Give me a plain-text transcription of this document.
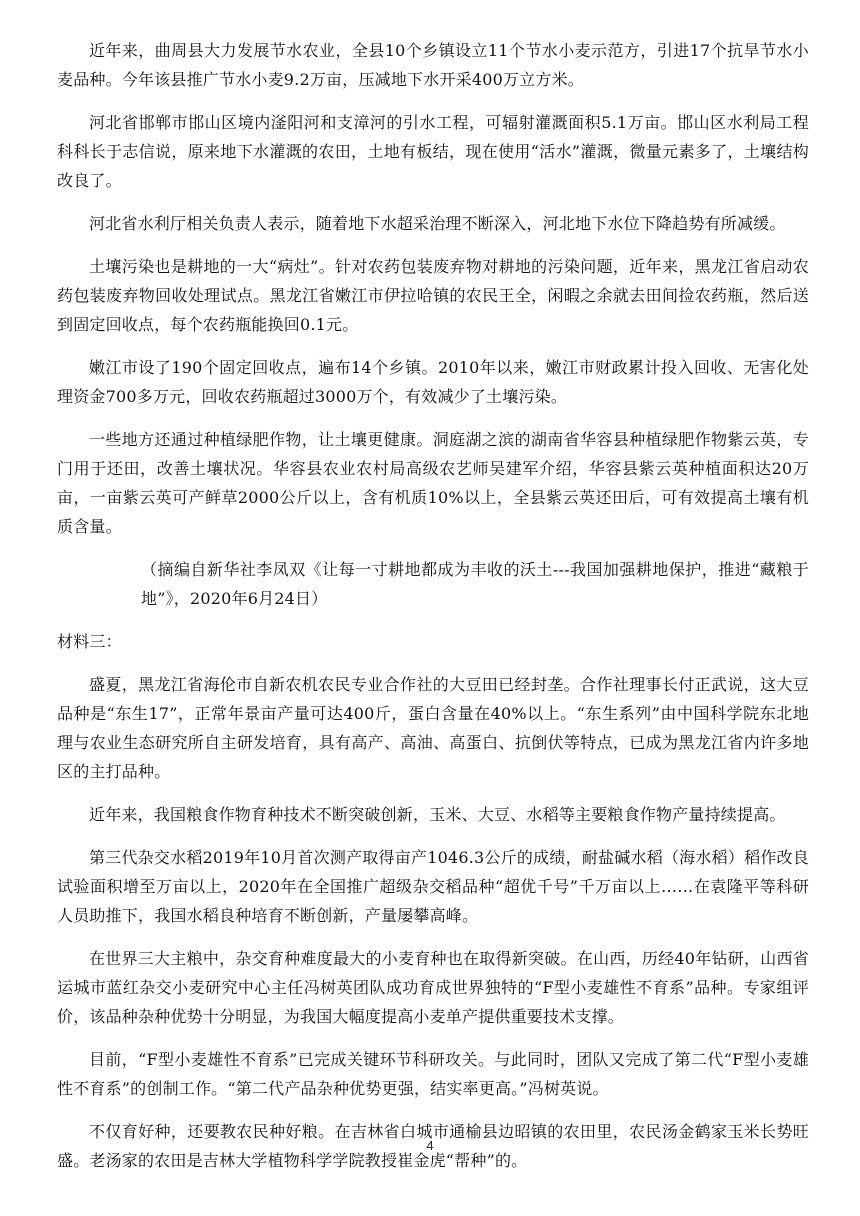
近年来，曲周县大力发展节水农业，全县10个乡镇设立11个节水小麦示范方，引进17个抗旱节水小麦品种。今年该县推广节水小麦9.2万亩，压减地下水开采400万立方米。

河北省邯郸市邯山区境内滏阳河和支漳河的引水工程，可辐射灌溉面积5.1万亩。邯山区水利局工程科科长于志信说，原来地下水灌溉的农田，土地有板结，现在使用“活水”灌溉，微量元素多了，土壤结构改良了。

河北省水利厅相关负责人表示，随着地下水超采治理不断深入，河北地下水位下降趋势有所减缓。

土壤污染也是耕地的一大“病灶”。针对农药包装废弃物对耕地的污染问题，近年来，黑龙江省启动农药包装废弃物回收处理试点。黑龙江省嫩江市伊拉哈镇的农民王全，闲暇之余就去田间捡农药瓶，然后送到固定回收点，每个农药瓶能换回0.1元。

嫩江市设了190个固定回收点，遍布14个乡镇。2010年以来，嫩江市财政累计投入回收、无害化处理资金700多万元，回收农药瓶超过3000万个，有效减少了土壤污染。

一些地方还通过种植绿肥作物，让土壤更健康。洞庭湖之滨的湖南省华容县种植绿肥作物紫云英，专门用于还田，改善土壤状况。华容县农业农村局高级农艺师吴建军介绍，华容县紫云英种植面积达20万亩，一亩紫云英可产鲜草2000公斤以上，含有机质10%以上，全县紫云英还田后，可有效提高土壤有机质含量。

（摘编自新华社李凤双《让每一寸耕地都成为丰收的沃土---我国加强耕地保护，推进“藏粮于地”》，2020年6月24日）

材料三：

盛夏，黑龙江省海伦市自新农机农民专业合作社的大豆田已经封垄。合作社理事长付正武说，这大豆品种是“东生17”，正常年景亩产量可达400斤，蛋白含量在40%以上。“东生系列”由中国科学院东北地理与农业生态研究所自主研发培育，具有高产、高油、高蛋白、抗倒伏等特点，已成为黑龙江省内许多地区的主打品种。

近年来，我国粮食作物育种技术不断突破创新，玉米、大豆、水稻等主要粮食作物产量持续提高。

第三代杂交水稻2019年10月首次测产取得亩产1046.3公斤的成绩，耐盐碱水稻（海水稻）稻作改良试验面积增至万亩以上，2020年在全国推广超级杂交稻品种“超优千号”千万亩以上……在袁隆平等科研人员助推下，我国水稻良种培育不断创新，产量屡攀高峰。

在世界三大主粮中，杂交育种难度最大的小麦育种也在取得新突破。在山西，历经40年钻研，山西省运城市蓝红杂交小麦研究中心主任冯树英团队成功育成世界独特的“F型小麦雄性不育系”品种。专家组评价，该品种杂种优势十分明显，为我国大幅度提高小麦单产提供重要技术支撑。

目前，“F型小麦雄性不育系”已完成关键环节科研攻关。与此同时，团队又完成了第二代“F型小麦雄性不育系”的创制工作。“第二代产品杂种优势更强，结实率更高。”冯树英说。

不仅育好种，还要教农民种好粮。在吉林省白城市通榆县边昭镇的农田里，农民汤金鹤家玉米长势旺盛。老汤家的农田是吉林大学植物科学学院教授崔金虎“帮种”的。

4
